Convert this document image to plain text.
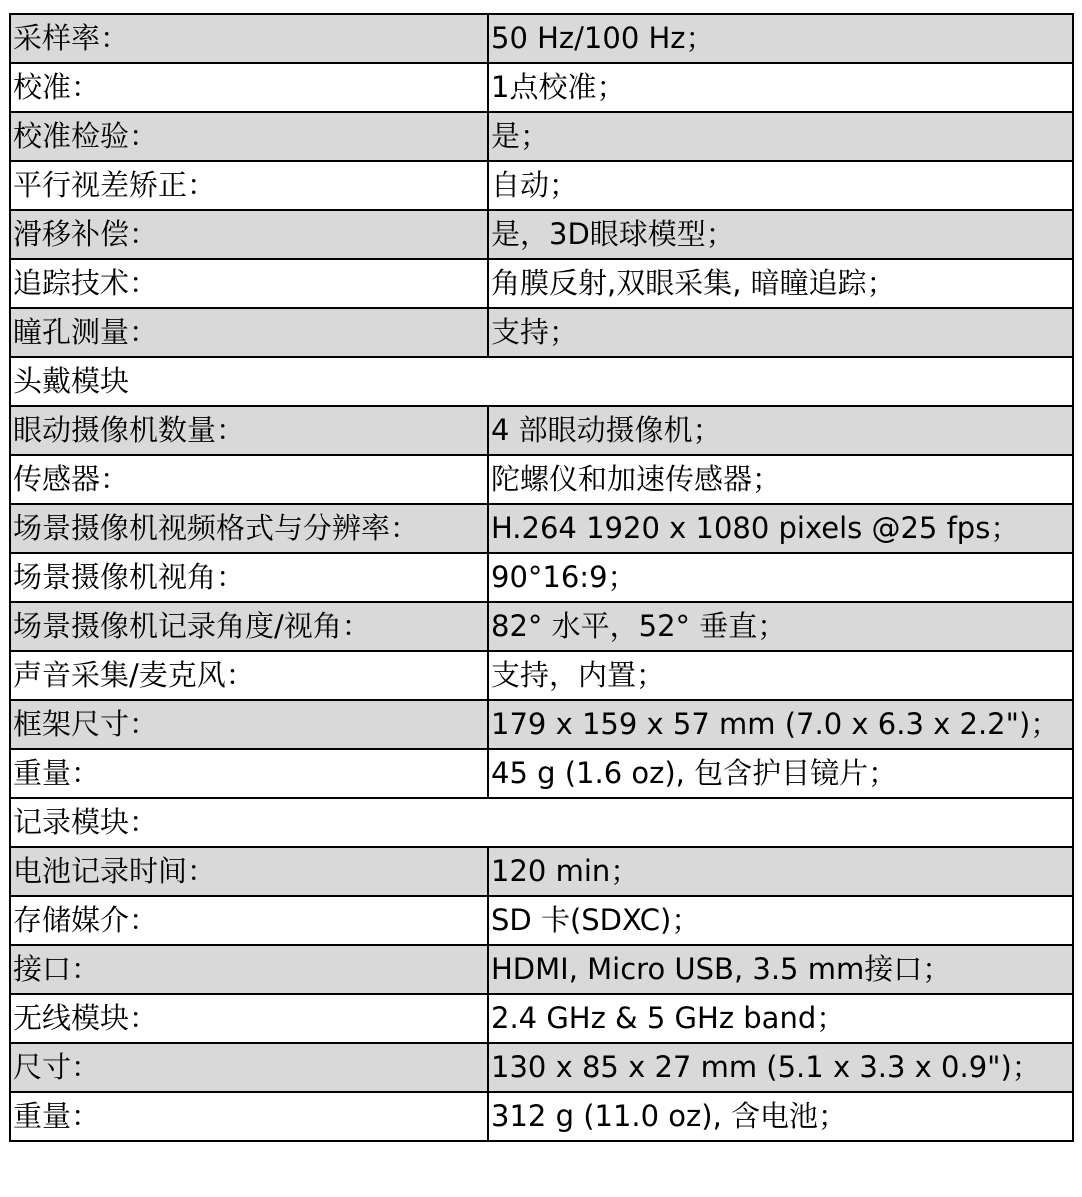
采样率：	50 Hz/100 Hz；
校准：	1点校准；
校准检验：	是；
平行视差矫正：	自动；
滑移补偿：	是，3D眼球模型；
追踪技术：	角膜反射,双眼采集, 暗瞳追踪；
瞳孔测量：	支持；
头戴模块	
眼动摄像机数量：	4 部眼动摄像机；
传感器：	陀螺仪和加速传感器；
场景摄像机视频格式与分辨率：	H.264 1920 x 1080 pixels @25 fps；
场景摄像机视角：	90°16:9；
场景摄像机记录角度/视角：	82° 水平，52° 垂直；
声音采集/麦克风：	支持，内置；
框架尺寸：	179 x 159 x 57 mm (7.0 x 6.3 x 2.2")；
重量：	45 g (1.6 oz), 包含护目镜片；
记录模块：	
电池记录时间：	120 min；
存储媒介：	SD 卡(SDXC)；
接口：	HDMI, Micro USB, 3.5 mm接口；
无线模块：	2.4 GHz & 5 GHz band；
尺寸：	130 x 85 x 27 mm (5.1 x 3.3 x 0.9")；
重量：	312 g (11.0 oz), 含电池；
